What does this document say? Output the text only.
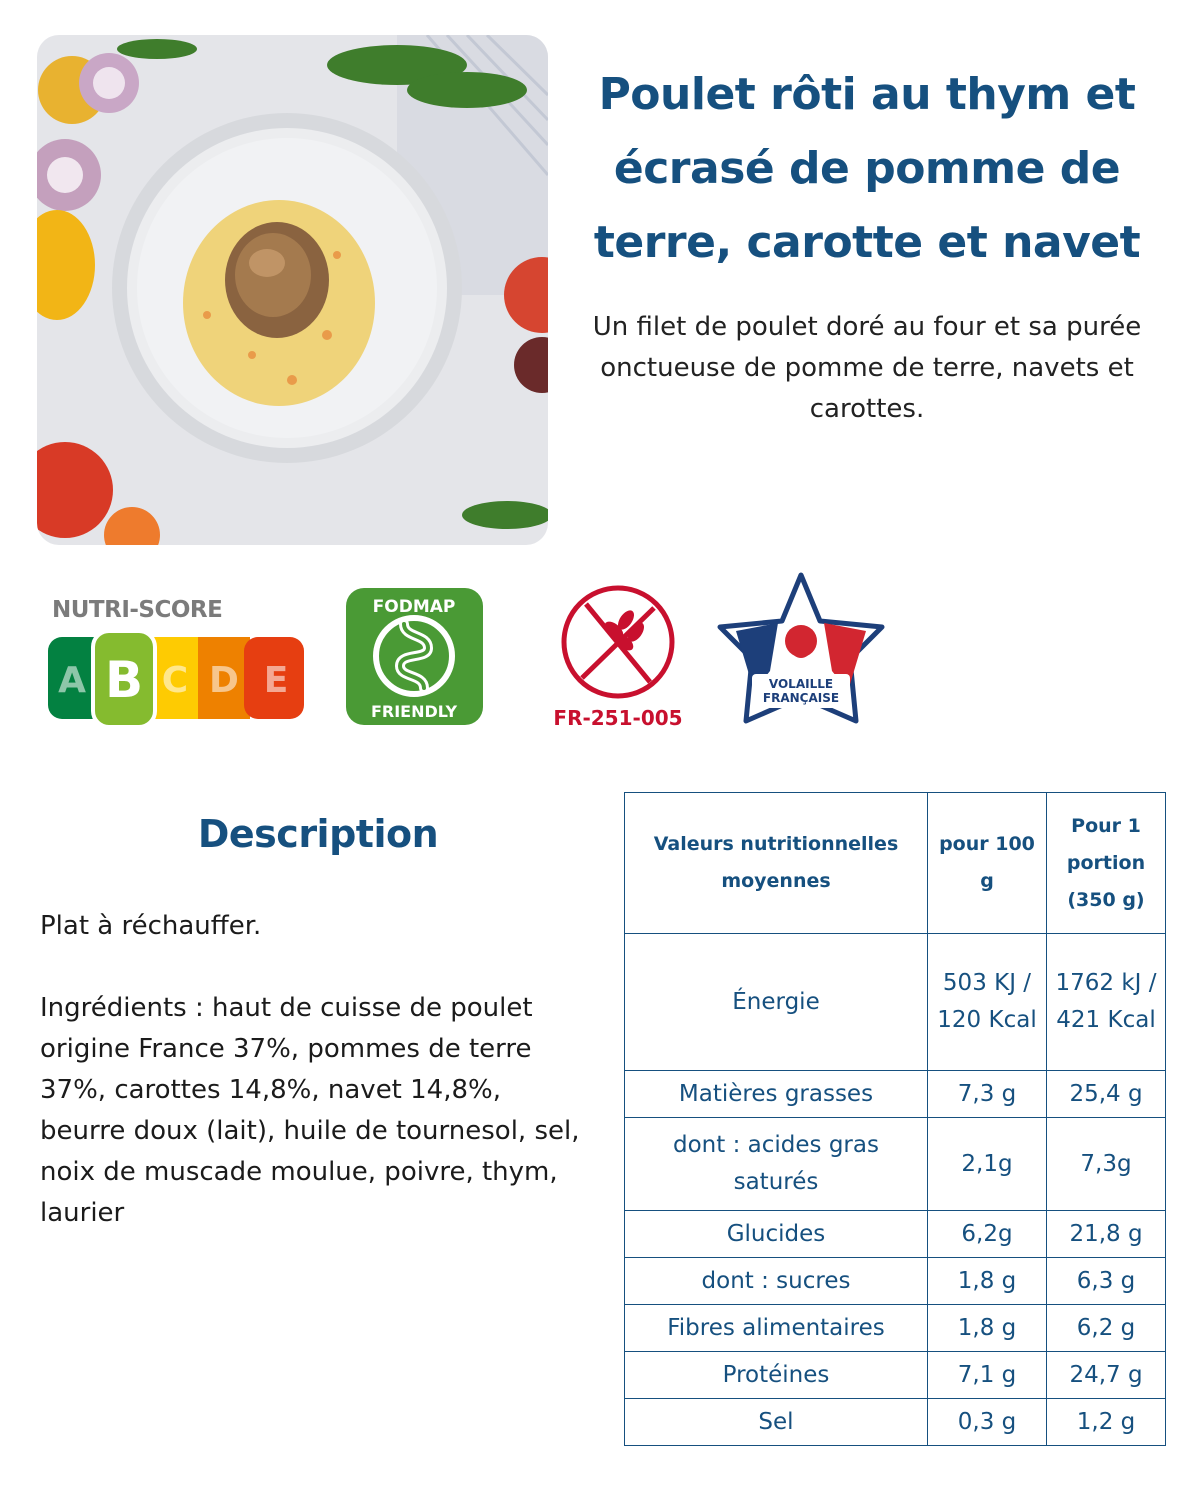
Poulet rôti au thym et écrasé de pomme de terre, carotte et navet

Un filet de poulet doré au four et sa purée onctueuse de pomme de terre, navets et carottes.

NUTRI-SCORE
A C D E
B
FODMAP
FRIENDLY	FR-251-005
VOLAILLE
FRANÇAISE
Description

Plat à réchauffer.

Ingrédients : haut de cuisse de poulet origine France 37%, pommes de terre 37%, carottes 14,8%, navet 14,8%, beurre doux (lait), huile de tournesol, sel, noix de muscade moulue, poivre, thym, laurier

Valeurs nutritionnelles moyennes	pour 100 g	Pour 1 portion (350 g)
Énergie	503 KJ / 120 Kcal	1762 kJ / 421 Kcal
Matières grasses	7,3 g	25,4 g
dont : acides gras saturés	2,1g	7,3g
Glucides	6,2g	21,8 g
dont : sucres	1,8 g	6,3 g
Fibres alimentaires	1,8 g	6,2 g
Protéines	7,1 g	24,7 g
Sel	0,3 g	1,2 g
